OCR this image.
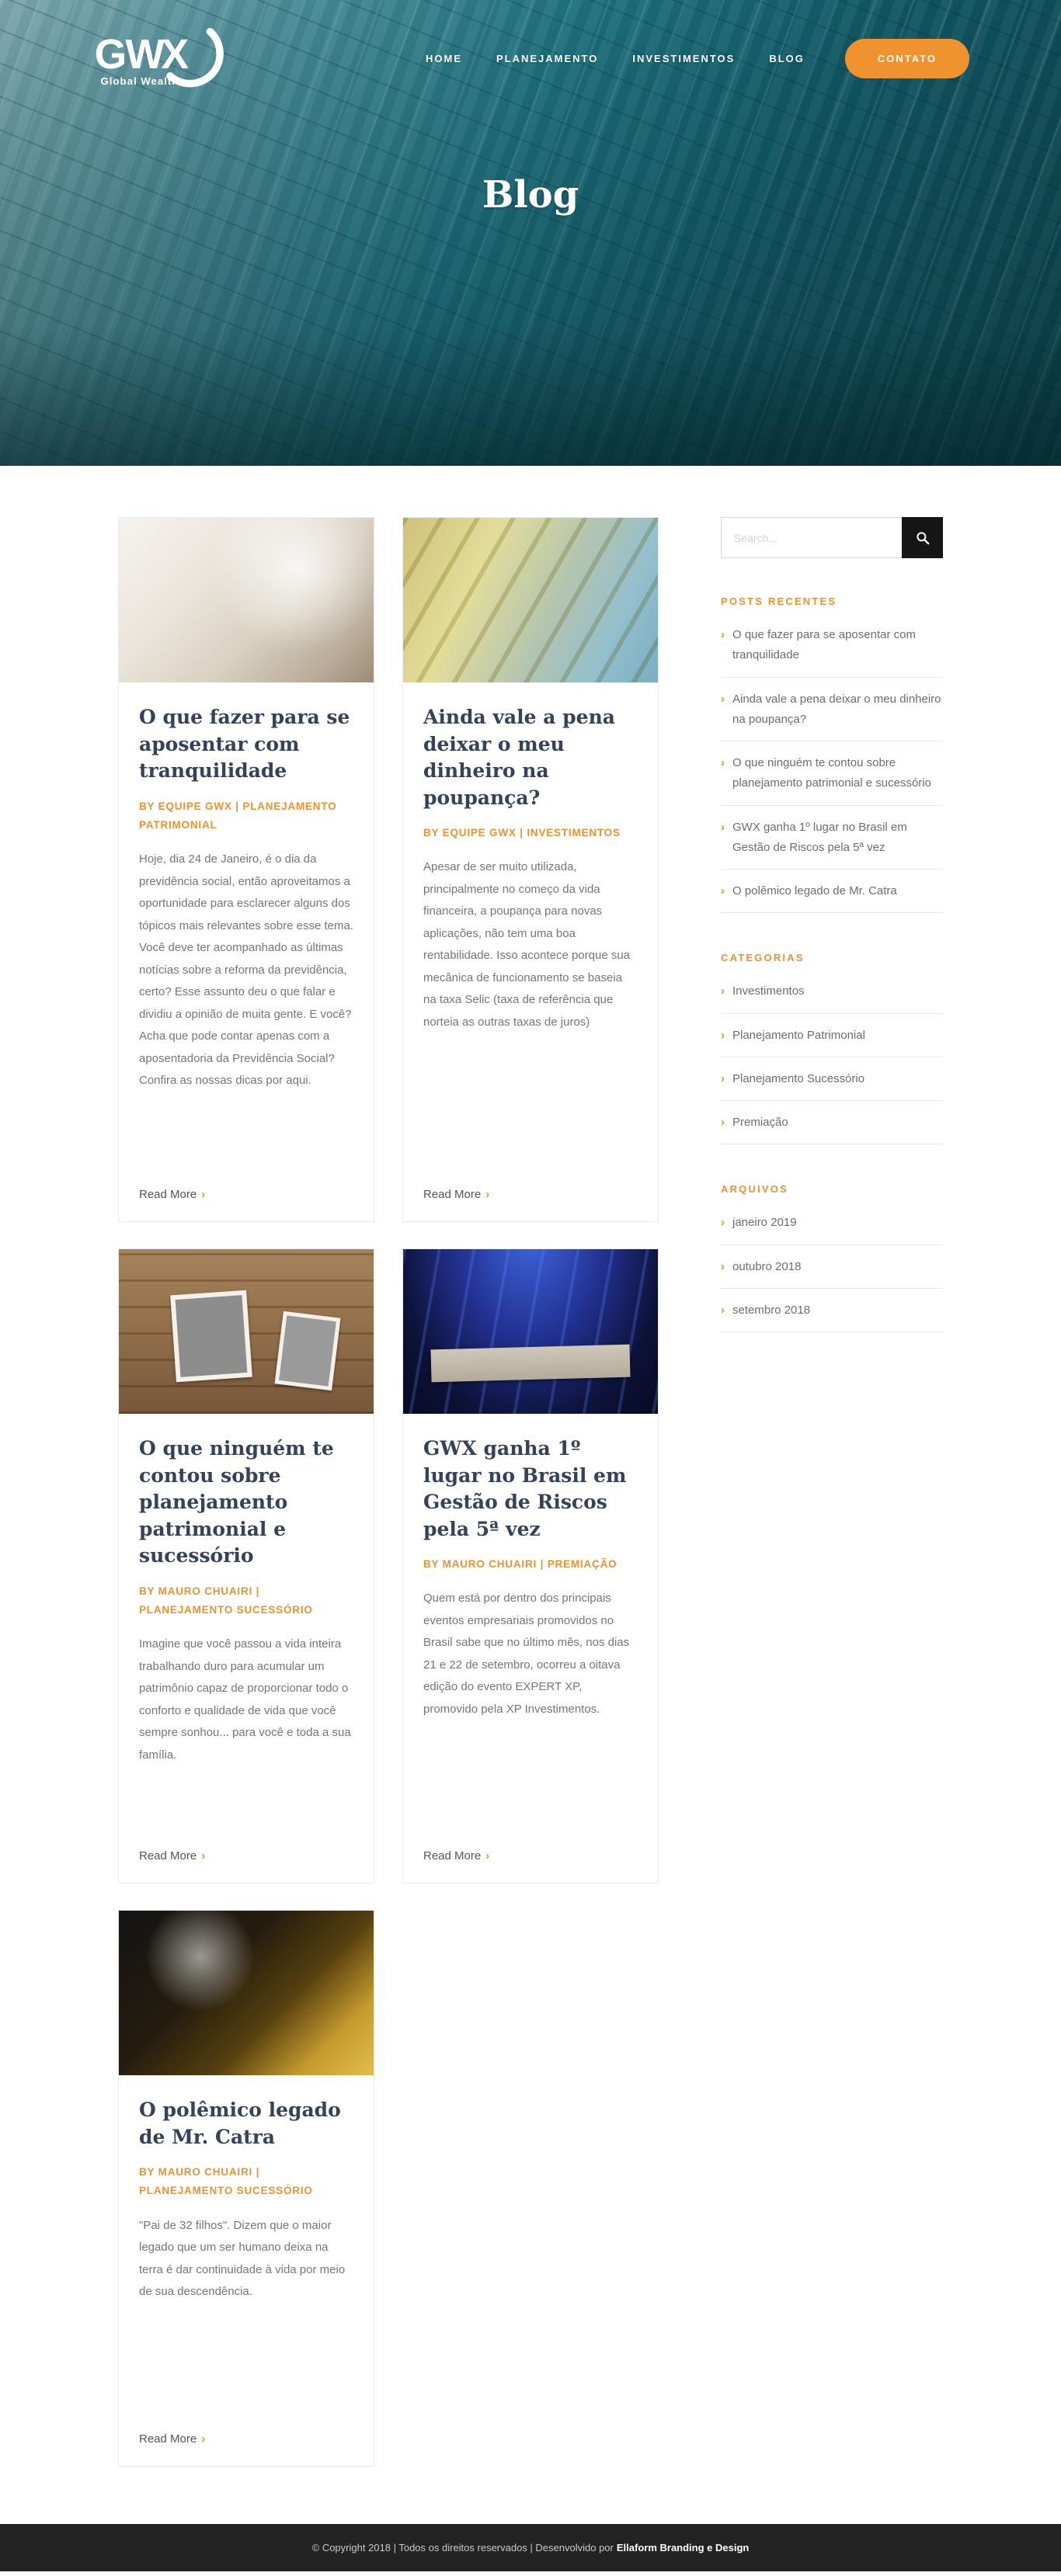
GW
X
Global Wealth
HOME	PLANEJAMENTO	INVESTIMENTOS	BLOG	CONTATO
Blog
O que fazer para se aposentar com tranquilidade
BY EQUIPE GWX | PLANEJAMENTO PATRIMONIAL

Hoje, dia 24 de Janeiro, é o dia da previdência social, então aproveitamos a oportunidade para esclarecer alguns dos tópicos mais relevantes sobre esse tema. Você deve ter acompanhado as últimas notícias sobre a reforma da previdência, certo? Esse assunto deu o que falar e dividiu a opinião de muita gente. E você? Acha que pode contar apenas com a aposentadoria da Previdência Social? Confira as nossas dicas por aqui.

Read More ›
Ainda vale a pena deixar o meu dinheiro na poupança?
BY EQUIPE GWX | INVESTIMENTOS

Apesar de ser muito utilizada, principalmente no começo da vida financeira, a poupança para novas aplicações, não tem uma boa rentabilidade. Isso acontece porque sua mecânica de funcionamento se baseia na taxa Selic (taxa de referência que norteia as outras taxas de juros)

Read More ›
O que ninguém te contou sobre planejamento patrimonial e sucessório
BY MAURO CHUAIRI | PLANEJAMENTO SUCESSÓRIO

Imagine que você passou a vida inteira trabalhando duro para acumular um patrimônio capaz de proporcionar todo o conforto e qualidade de vida que você sempre sonhou... para você e toda a sua família.

Read More ›
GWX ganha 1º lugar no Brasil em Gestão de Riscos pela 5ª vez
BY MAURO CHUAIRI | PREMIAÇÃO

Quem está por dentro dos principais eventos empresariais promovidos no Brasil sabe que no último mês, nos dias 21 e 22 de setembro, ocorreu a oitava edição do evento EXPERT XP, promovido pela XP Investimentos.

Read More ›
O polêmico legado de Mr. Catra
BY MAURO CHUAIRI | PLANEJAMENTO SUCESSÓRIO

"Pai de 32 filhos". Dizem que o maior legado que um ser humano deixa na terra é dar continuidade à vida por meio de sua descendência.

Read More ›
Search...
POSTS RECENTES
› O que fazer para se aposentar com tranquilidade
› Ainda vale a pena deixar o meu dinheiro na poupança?
› O que ninguém te contou sobre planejamento patrimonial e sucessório
› GWX ganha 1º lugar no Brasil em Gestão de Riscos pela 5ª vez
› O polêmico legado de Mr. Catra
CATEGORIAS
› Investimentos
› Planejamento Patrimonial
› Planejamento Sucessório
› Premiação
ARQUIVOS
› janeiro 2019
› outubro 2018
› setembro 2018
© Copyright 2018 | Todos os direitos reservados | Desenvolvido por Ellaform Branding e Design
